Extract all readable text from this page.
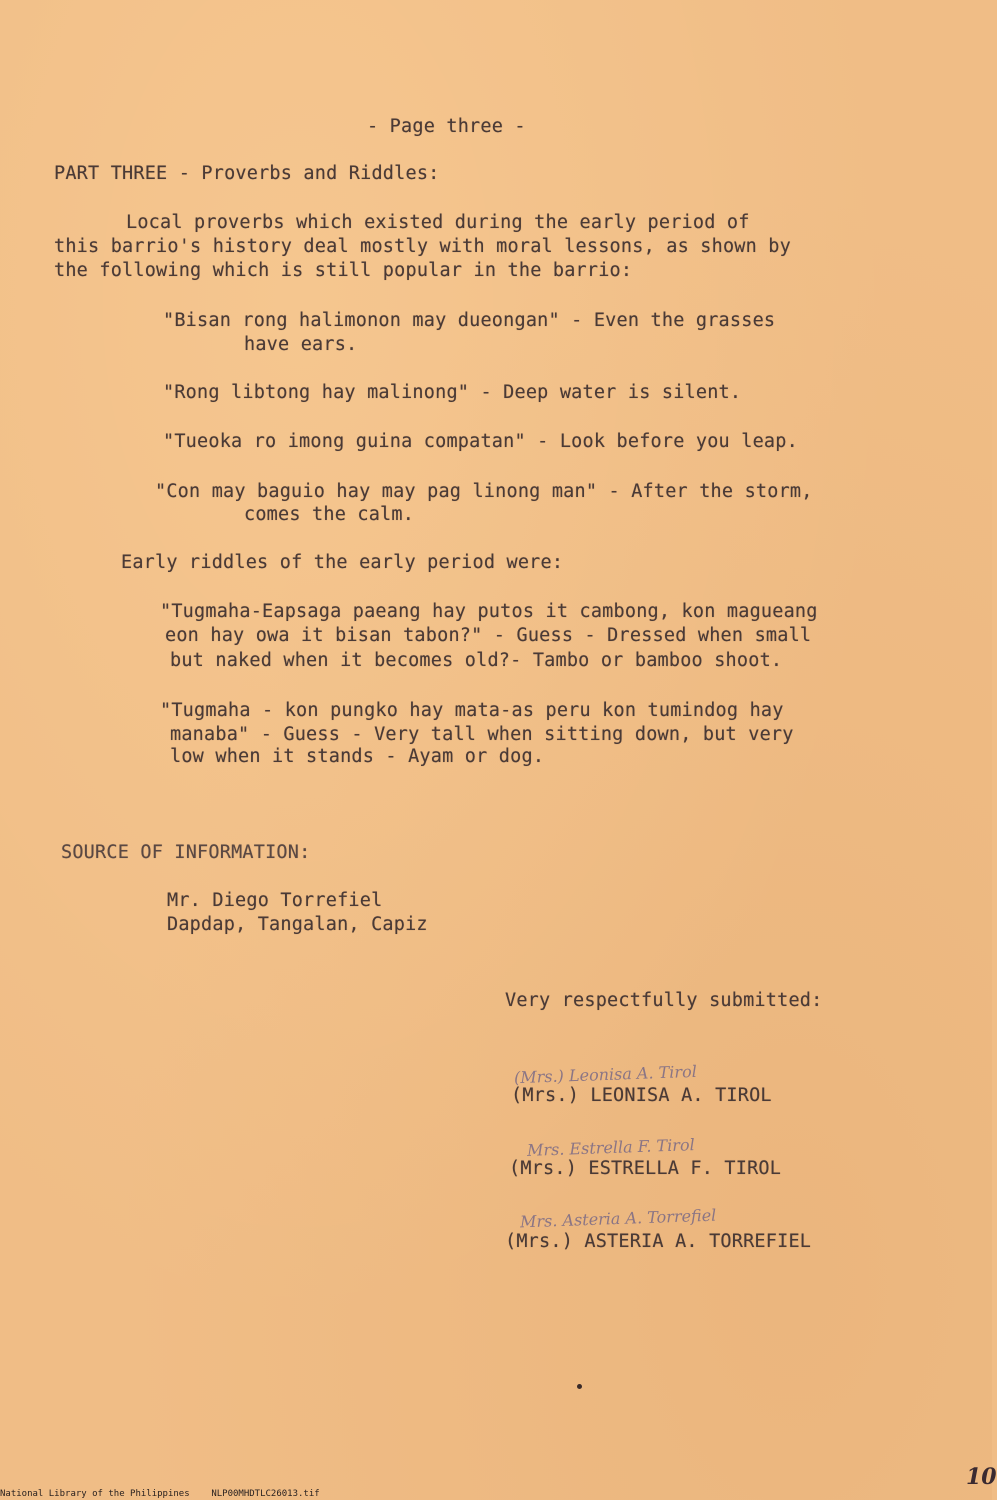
- Page three -
PART THREE - Proverbs and Riddles:
Local proverbs which existed during the early period of
this barrio's history deal mostly with moral lessons, as shown by
the following which is still popular in the barrio:
"Bisan rong halimonon may dueongan" - Even the grasses
have ears.
"Rong libtong hay malinong" - Deep water is silent.
"Tueoka ro imong guina compatan" - Look before you leap.
"Con may baguio hay may pag linong man" - After the storm,
comes the calm.
Early riddles of the early period were:
"Tugmaha-Eapsaga paeang hay putos it cambong, kon magueang
eon hay owa it bisan tabon?" - Guess - Dressed when small
but naked when it becomes old?- Tambo or bamboo shoot.
"Tugmaha - kon pungko hay mata-as peru kon tumindog hay
manaba" - Guess - Very tall when sitting down, but very
low when it stands - Ayam or dog.
SOURCE OF INFORMATION:
Mr. Diego Torrefiel
Dapdap, Tangalan, Capiz
Very respectfully submitted:
(Mrs.) Leonisa A. Tirol
(Mrs.) LEONISA A. TIROL
Mrs. Estrella F. Tirol
(Mrs.) ESTRELLA F. TIROL
Mrs. Asteria A. Torrefiel
(Mrs.) ASTERIA A. TORREFIEL
10
National Library of the Philippines    NLP00MHDTLC26013.tif
